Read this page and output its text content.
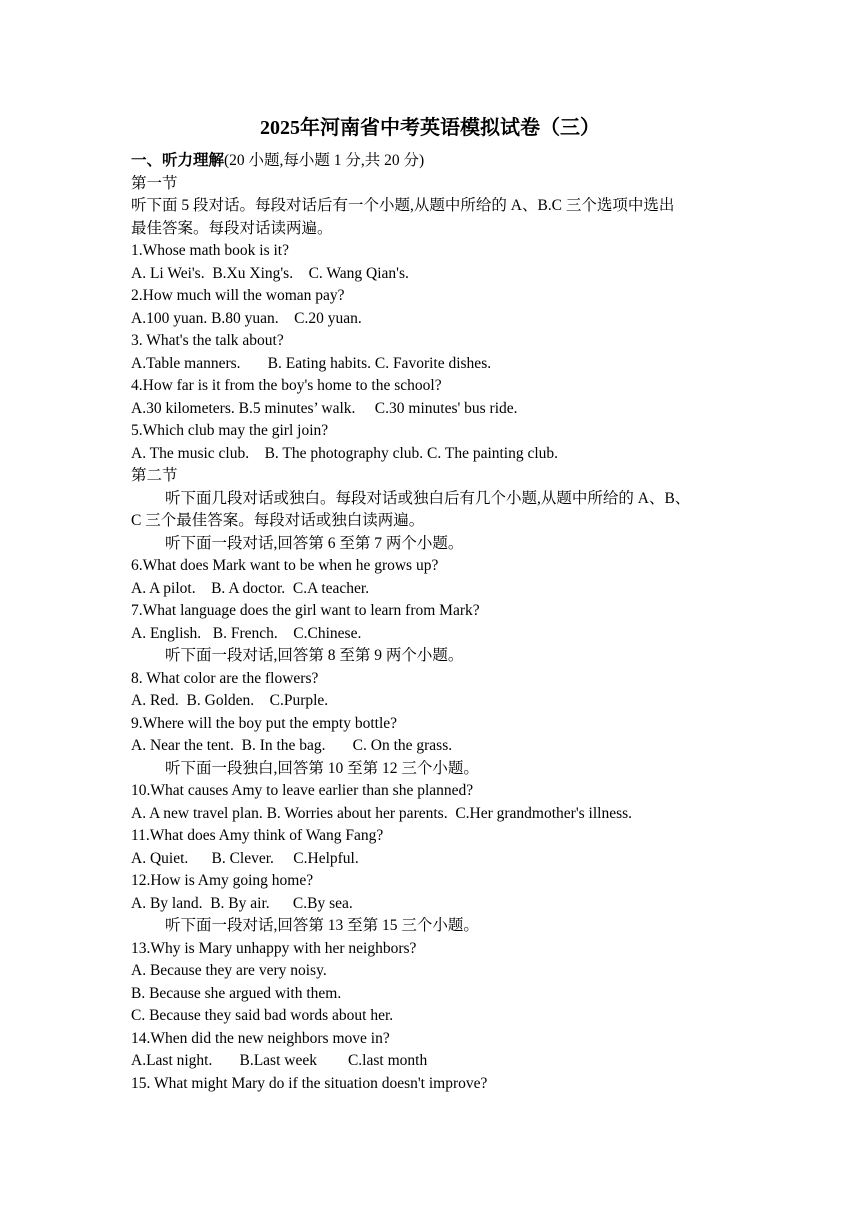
2025年河南省中考英语模拟试卷（三）
一、听力理解(20 小题,每小题 1 分,共 20 分)
第一节
听下面 5 段对话。每段对话后有一个小题,从题中所给的 A、B.C 三个选项中选出
最佳答案。每段对话读两遍。
1.Whose math book is it?
A. Li Wei's.  B.Xu Xing's.    C. Wang Qian's.
2.How much will the woman pay?
A.100 yuan. B.80 yuan.    C.20 yuan.
3. What's the talk about?
A.Table manners.       B. Eating habits. C. Favorite dishes.
4.How far is it from the boy's home to the school?
A.30 kilometers. B.5 minutes’ walk.     C.30 minutes' bus ride.
5.Which club may the girl join?
A. The music club.    B. The photography club. C. The painting club.
第二节
听下面几段对话或独白。每段对话或独白后有几个小题,从题中所给的 A、B、
C 三个最佳答案。每段对话或独白读两遍。
听下面一段对话,回答第 6 至第 7 两个小题。
6.What does Mark want to be when he grows up?
A. A pilot.    B. A doctor.  C.A teacher.
7.What language does the girl want to learn from Mark?
A. English.   B. French.    C.Chinese.
听下面一段对话,回答第 8 至第 9 两个小题。
8. What color are the flowers?
A. Red.  B. Golden.    C.Purple.
9.Where will the boy put the empty bottle?
A. Near the tent.  B. In the bag.       C. On the grass.
听下面一段独白,回答第 10 至第 12 三个小题。
10.What causes Amy to leave earlier than she planned?
A. A new travel plan. B. Worries about her parents.  C.Her grandmother's illness.
11.What does Amy think of Wang Fang?
A. Quiet.      B. Clever.     C.Helpful.
12.How is Amy going home?
A. By land.  B. By air.      C.By sea.
听下面一段对话,回答第 13 至第 15 三个小题。
13.Why is Mary unhappy with her neighbors?
A. Because they are very noisy.
B. Because she argued with them.
C. Because they said bad words about her.
14.When did the new neighbors move in?
A.Last night.       B.Last week        C.last month
15. What might Mary do if the situation doesn't improve?
